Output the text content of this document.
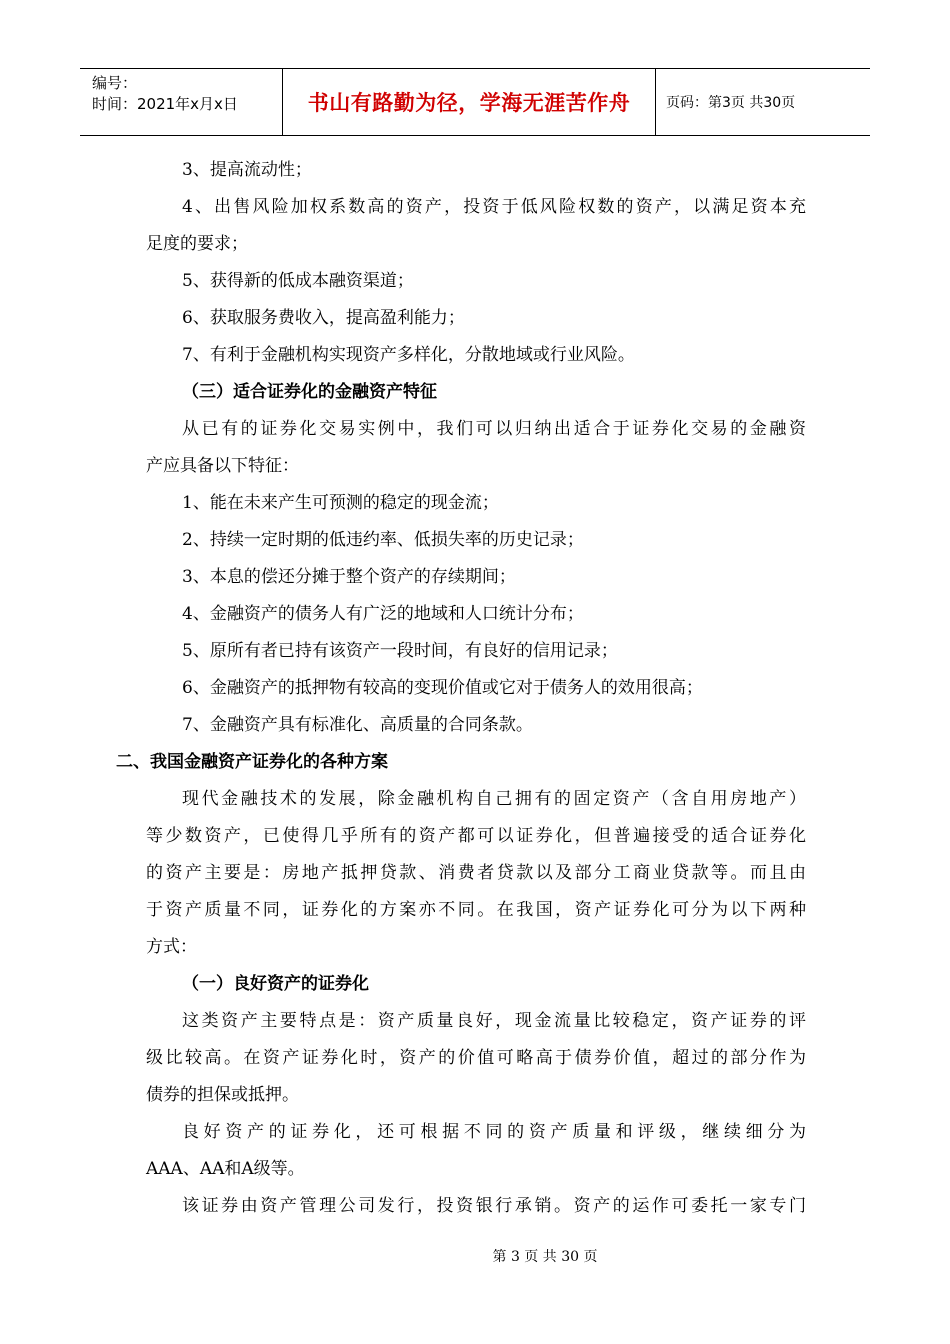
编号：
时间：2021年x月x日	书山有路勤为径，学海无涯苦作舟	页码：第3页 共30页

3、提高流动性；

4、出售风险加权系数高的资产，投资于低风险权数的资产，以满足资本充

足度的要求；

5、获得新的低成本融资渠道；

6、获取服务费收入，提高盈利能力；

7、有利于金融机构实现资产多样化，分散地域或行业风险。

（三）适合证券化的金融资产特征

从已有的证券化交易实例中，我们可以归纳出适合于证券化交易的金融资

产应具备以下特征：

1、能在未来产生可预测的稳定的现金流；

2、持续一定时期的低违约率、低损失率的历史记录；

3、本息的偿还分摊于整个资产的存续期间；

4、金融资产的债务人有广泛的地域和人口统计分布；

5、原所有者已持有该资产一段时间，有良好的信用记录；

6、金融资产的抵押物有较高的变现价值或它对于债务人的效用很高；

7、金融资产具有标准化、高质量的合同条款。

二、我国金融资产证券化的各种方案

现代金融技术的发展，除金融机构自己拥有的固定资产（含自用房地产）

等少数资产，已使得几乎所有的资产都可以证券化，但普遍接受的适合证券化

的资产主要是：房地产抵押贷款、消费者贷款以及部分工商业贷款等。而且由

于资产质量不同，证券化的方案亦不同。在我国，资产证券化可分为以下两种

方式：

（一）良好资产的证券化

这类资产主要特点是：资产质量良好，现金流量比较稳定，资产证券的评

级比较高。在资产证券化时，资产的价值可略高于债券价值，超过的部分作为

债券的担保或抵押。

良好资产的证券化，还可根据不同的资产质量和评级，继续细分为

AAA、AA和A级等。

该证券由资产管理公司发行，投资银行承销。资产的运作可委托一家专门

第 3 页 共 30 页
